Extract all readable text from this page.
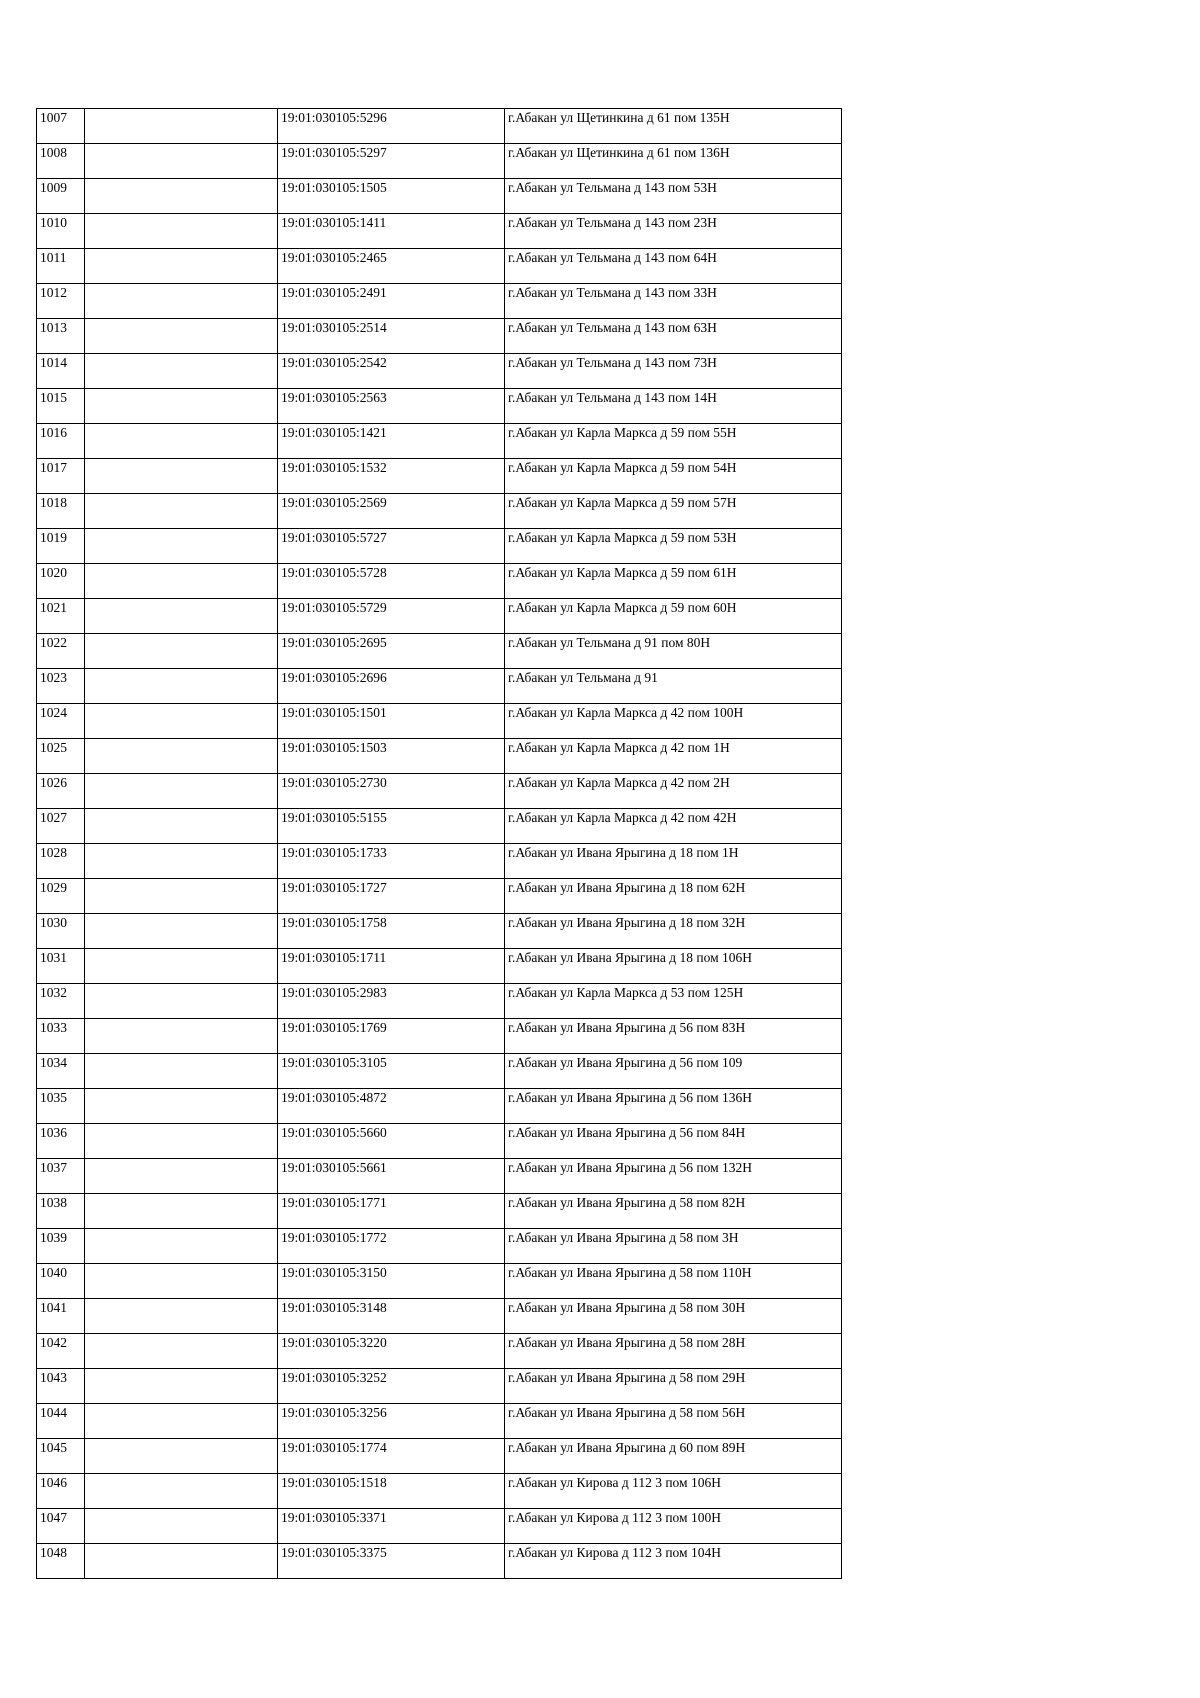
1007		19:01:030105:5296	г.Абакан ул Щетинкина д 61 пом 135Н
1008		19:01:030105:5297	г.Абакан ул Щетинкина д 61 пом 136Н
1009		19:01:030105:1505	г.Абакан ул Тельмана д 143 пом 53Н
1010		19:01:030105:1411	г.Абакан ул Тельмана д 143 пом 23Н
1011		19:01:030105:2465	г.Абакан ул Тельмана д 143 пом 64Н
1012		19:01:030105:2491	г.Абакан ул Тельмана д 143 пом 33Н
1013		19:01:030105:2514	г.Абакан ул Тельмана д 143 пом 63Н
1014		19:01:030105:2542	г.Абакан ул Тельмана д 143 пом 73Н
1015		19:01:030105:2563	г.Абакан ул Тельмана д 143 пом 14Н
1016		19:01:030105:1421	г.Абакан ул Карла Маркса д 59 пом 55Н
1017		19:01:030105:1532	г.Абакан ул Карла Маркса д 59 пом 54Н
1018		19:01:030105:2569	г.Абакан ул Карла Маркса д 59 пом 57Н
1019		19:01:030105:5727	г.Абакан ул Карла Маркса д 59 пом 53Н
1020		19:01:030105:5728	г.Абакан ул Карла Маркса д 59 пом 61Н
1021		19:01:030105:5729	г.Абакан ул Карла Маркса д 59 пом 60Н
1022		19:01:030105:2695	г.Абакан ул Тельмана д 91 пом 80Н
1023		19:01:030105:2696	г.Абакан ул Тельмана д 91
1024		19:01:030105:1501	г.Абакан ул Карла Маркса д 42 пом 100Н
1025		19:01:030105:1503	г.Абакан ул Карла Маркса д 42 пом 1Н
1026		19:01:030105:2730	г.Абакан ул Карла Маркса д 42 пом 2Н
1027		19:01:030105:5155	г.Абакан ул Карла Маркса д 42 пом 42Н
1028		19:01:030105:1733	г.Абакан ул Ивана Ярыгина д 18 пом 1Н
1029		19:01:030105:1727	г.Абакан ул Ивана Ярыгина д 18 пом 62Н
1030		19:01:030105:1758	г.Абакан ул Ивана Ярыгина д 18 пом 32Н
1031		19:01:030105:1711	г.Абакан ул Ивана Ярыгина д 18 пом 106Н
1032		19:01:030105:2983	г.Абакан ул Карла Маркса д 53 пом 125Н
1033		19:01:030105:1769	г.Абакан ул Ивана Ярыгина д 56 пом 83Н
1034		19:01:030105:3105	г.Абакан ул Ивана Ярыгина д 56 пом 109
1035		19:01:030105:4872	г.Абакан ул Ивана Ярыгина д 56 пом 136Н
1036		19:01:030105:5660	г.Абакан ул Ивана Ярыгина д 56 пом 84Н
1037		19:01:030105:5661	г.Абакан ул Ивана Ярыгина д 56 пом 132Н
1038		19:01:030105:1771	г.Абакан ул Ивана Ярыгина д 58 пом 82Н
1039		19:01:030105:1772	г.Абакан ул Ивана Ярыгина д 58 пом 3Н
1040		19:01:030105:3150	г.Абакан ул Ивана Ярыгина д 58 пом 110Н
1041		19:01:030105:3148	г.Абакан ул Ивана Ярыгина д 58 пом 30Н
1042		19:01:030105:3220	г.Абакан ул Ивана Ярыгина д 58 пом 28Н
1043		19:01:030105:3252	г.Абакан ул Ивана Ярыгина д 58 пом 29Н
1044		19:01:030105:3256	г.Абакан ул Ивана Ярыгина д 58 пом 56Н
1045		19:01:030105:1774	г.Абакан ул Ивана Ярыгина д 60 пом 89Н
1046		19:01:030105:1518	г.Абакан ул Кирова д 112 3 пом 106Н
1047		19:01:030105:3371	г.Абакан ул Кирова д 112 3 пом 100Н
1048		19:01:030105:3375	г.Абакан ул Кирова д 112 3 пом 104Н
